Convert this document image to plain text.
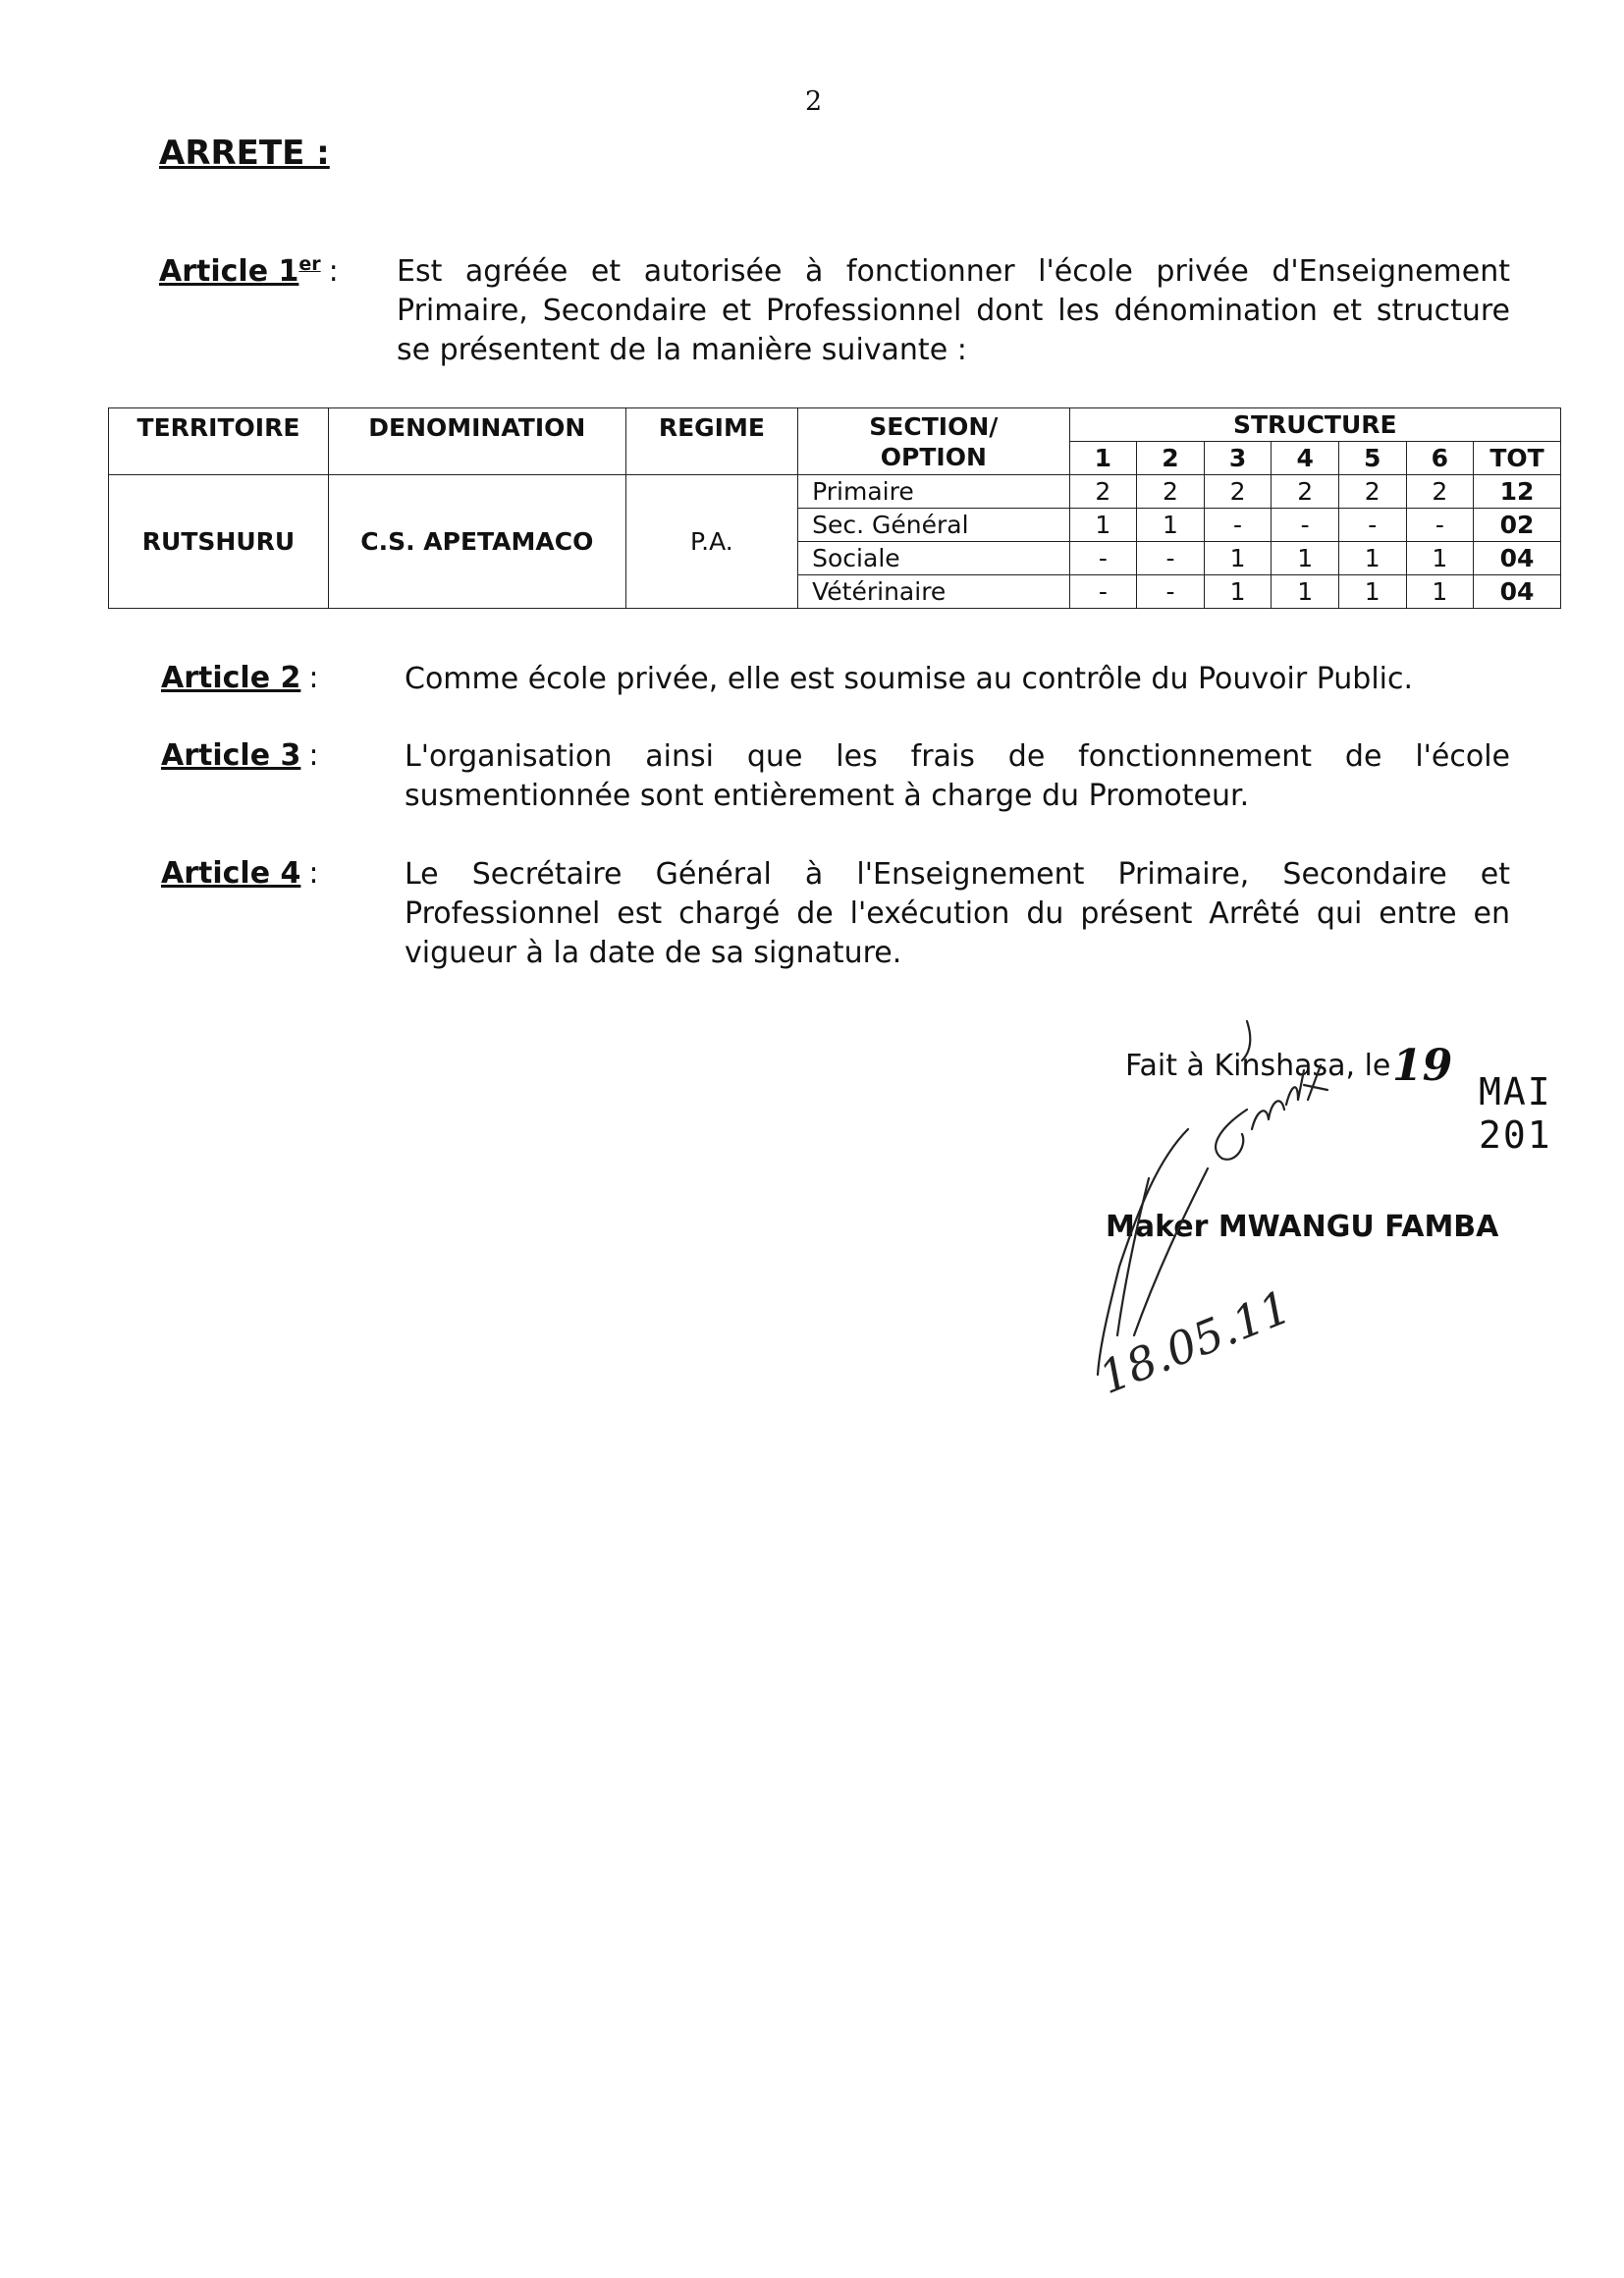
2
ARRETE :
Article 1er : Est agréée et autorisée à fonctionner l'école privée d'Enseignement Primaire, Secondaire et Professionnel dont les dénomination et structure se présentent de la manière suivante :

TERRITOIRE	DENOMINATION	REGIME	SECTION/ OPTION	STRUCTURE						
				1	2	3	4	5	6	TOT
RUTSHURU	C.S. APETAMACO	P.A.	Primaire	2	2	2	2	2	2	12
			Sec. Général	1	1	-	-	-	-	02
			Sociale	-	-	1	1	1	1	04
			Vétérinaire	-	-	1	1	1	1	04
Article 2 :	Comme école privée, elle est soumise au contrôle du Pouvoir Public.

Article 3 :	L'organisation ainsi que les frais de fonctionnement de l'école susmentionnée sont entièrement à charge du Promoteur.

Article 4 :	Le Secrétaire Général à l'Enseignement Primaire, Secondaire et Professionnel est chargé de l'exécution du présent Arrêté qui entre en vigueur à la date de sa signature.

Fait à Kinshasa, le 19
MAI 201
Maker MWANGU FAMBA
18.05.11
